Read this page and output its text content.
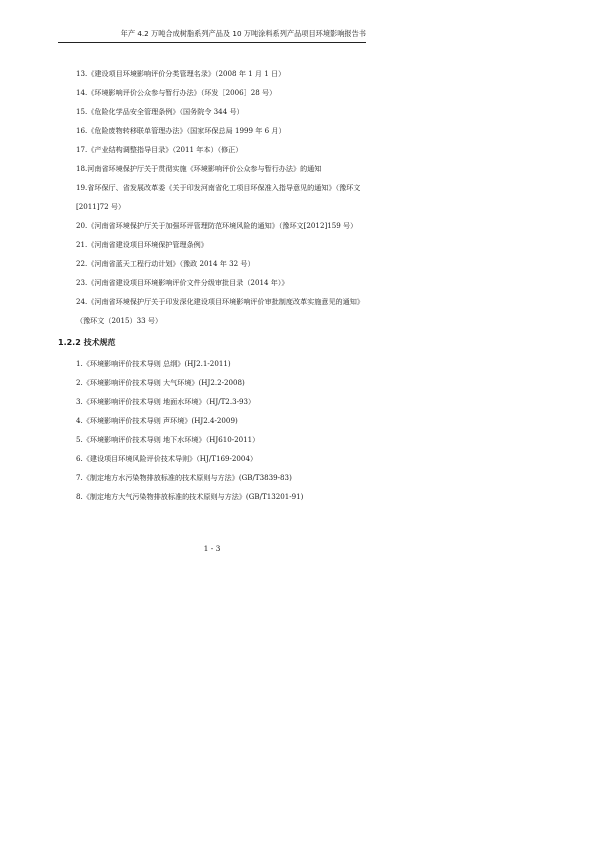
年产 4.2 万吨合成树脂系列产品及 10 万吨涂料系列产品项目环境影响报告书
13.《建设项目环境影响评价分类管理名录》（2008 年 1 月 1 日）
14.《环境影响评价公众参与暂行办法》（环发［2006］28 号）
15.《危险化学品安全管理条例》（国务院令 344 号）
16.《危险废物转移联单管理办法》（国家环保总局 1999 年 6 月）
17.《产业结构调整指导目录》（2011 年本）（修正）
18.河南省环境保护厅关于贯彻实施《环境影响评价公众参与暂行办法》的通知
19.省环保厅、省发展改革委《关于印发河南省化工项目环保准入指导意见的通知》（豫环文[2011]72 号）
20.《河南省环境保护厅关于加强环评管理防范环境风险的通知》（豫环文[2012]159 号）
21.《河南省建设项目环境保护管理条例》
22.《河南省蓝天工程行动计划》（豫政 2014 年 32 号）
23.《河南省建设项目环境影响评价文件分级审批目录（2014 年）》
24.《河南省环境保护厅关于印发深化建设项目环境影响评价审批制度改革实施意见的通知》（豫环文（2015）33 号）
1.2.2 技术规范
1.《环境影响评价技术导则 总纲》(HJ2.1-2011)
2.《环境影响评价技术导则 大气环境》(HJ2.2-2008)
3.《环境影响评价技术导则 地面水环境》（HJ/T2.3-93）
4.《环境影响评价技术导则 声环境》(HJ2.4-2009)
5.《环境影响评价技术导则 地下水环境》（HJ610-2011）
6.《建设项目环境风险评价技术导则》（HJ/T169-2004）
7.《制定地方水污染物排放标准的技术原则与方法》(GB/T3839-83)
8.《制定地方大气污染物排放标准的技术原则与方法》(GB/T13201-91)
1 - 3
